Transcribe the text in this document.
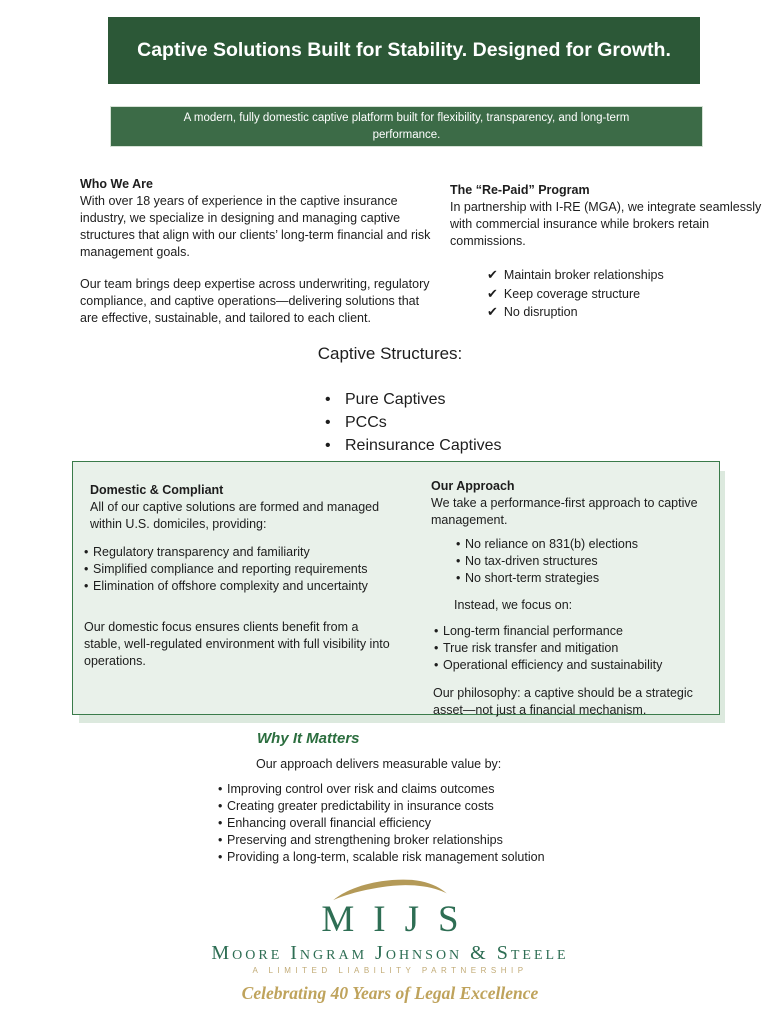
Captive Solutions Built for Stability. Designed for Growth.
A modern, fully domestic captive platform built for flexibility, transparency, and long-term performance.
Who We Are

With over 18 years of experience in the captive insurance industry, we specialize in designing and managing captive structures that align with our clients’ long-term financial and risk management goals.

Our team brings deep expertise across underwriting, regulatory compliance, and captive operations—delivering solutions that are effective, sustainable, and tailored to each client.

The “Re-Paid” Program

In partnership with I-RE (MGA), we integrate seamlessly with commercial insurance while brokers retain commissions.

✔ Maintain broker relationships
✔ Keep coverage structure
✔ No disruption
Captive Structures:
• Pure Captives
• PCCs
• Reinsurance Captives
Domestic & Compliant

All of our captive solutions are formed and managed within U.S. domiciles, providing:

• Regulatory transparency and familiarity
• Simplified compliance and reporting requirements
• Elimination of offshore complexity and uncertainty

Our domestic focus ensures clients benefit from a stable, well-regulated environment with full visibility into operations.

Our Approach

We take a performance-first approach to captive management.

• No reliance on 831(b) elections
• No tax-driven structures
• No short-term strategies
Instead, we focus on:
• Long-term financial performance
• True risk transfer and mitigation
• Operational efficiency and sustainability

Our philosophy: a captive should be a strategic asset—not just a financial mechanism.

Why It Matters
Our approach delivers measurable value by:
• Improving control over risk and claims outcomes
• Creating greater predictability in insurance costs
• Enhancing overall financial efficiency
• Preserving and strengthening broker relationships
• Providing a long-term, scalable risk management solution
MIJS
Moore Ingram Johnson & Steele
A LIMITED LIABILITY PARTNERSHIP
Celebrating 40 Years of Legal Excellence
